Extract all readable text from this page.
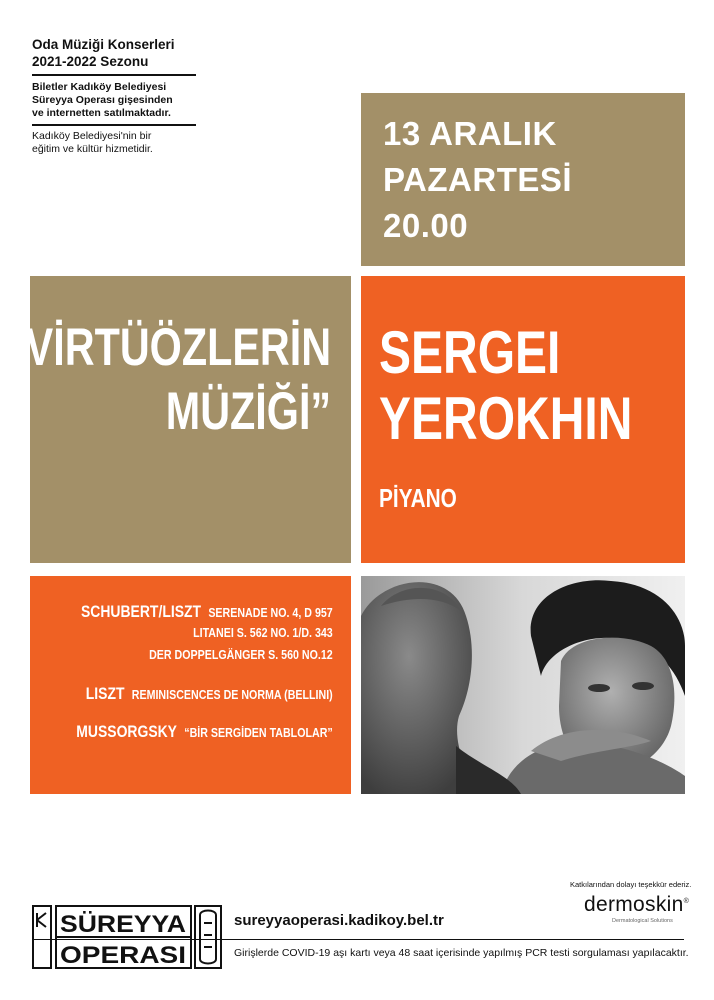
Oda Müziği Konserleri
2021-2022 Sezonu
Biletler Kadıköy Belediyesi
Süreyya Operası gişesinden
ve internetten satılmaktadır.
Kadıköy Belediyesi'nin bir
eğitim ve kültür hizmetidir.	13 ARALIK
PAZARTESİ
20.00
“VİRTÜÖZLERİN
MÜZİĞİ”
SERGEI
YEROKHIN
PİYANO
SCHUBERT/LISZT SERENADE NO. 4, D 957
LITANEI S. 562 NO. 1/D. 343
DER DOPPELGÄNGER S. 560 NO.12
LISZT REMINISCENCES DE NORMA (BELLINI)
MUSSORGSKY “BİR SERGİDEN TABLOLAR”
SÜREYYA
OPERASI
sureyyaoperasi.kadikoy.bel.tr
Girişlerde COVID-19 aşı kartı veya 48 saat içerisinde yapılmış PCR testi sorgulaması yapılacaktır.
Katkılarından dolayı teşekkür ederiz.
dermoskin®
Dermatological Solutions
